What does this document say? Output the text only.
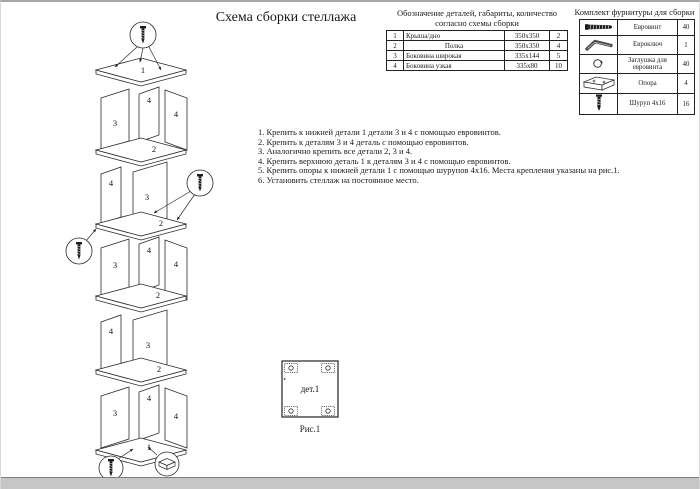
Схема сборки стеллажа
3
4
4
4
3
3
4
4
4
3
3
4
4
1
2
2
2
2
1
Обозначение деталей, габариты, количество
согласно схемы сборки
1	Крыша/дно	350x350	2
2	Полка	350x350	4
3	Боковина широкая	335x144	5
4	Боковина узкая	335x80	10
Комплект фурнитуры для сборки
	Евровинт	40
	Евроключ	1
	Заглушка для евровинта	40
	Опора	4
	Шуруп 4x16	16
1. Крепить к нижней детали 1 детали 3 и 4 с помощью евровинтов.
2. Крепить к деталям 3 и 4 деталь с помощью евровинтов.
3. Аналогично крепить все детали 2, 3 и 4.
4. Крепить верхнюю деталь 1 к деталям 3 и 4 с помощью евровинтов.
5. Крепить опоры к нижней детали 1 с помощью шурупов 4x16. Места крепления указаны на рис.1.
6. Установить стеллаж на постоянное место.
дет.1
Рис.1
